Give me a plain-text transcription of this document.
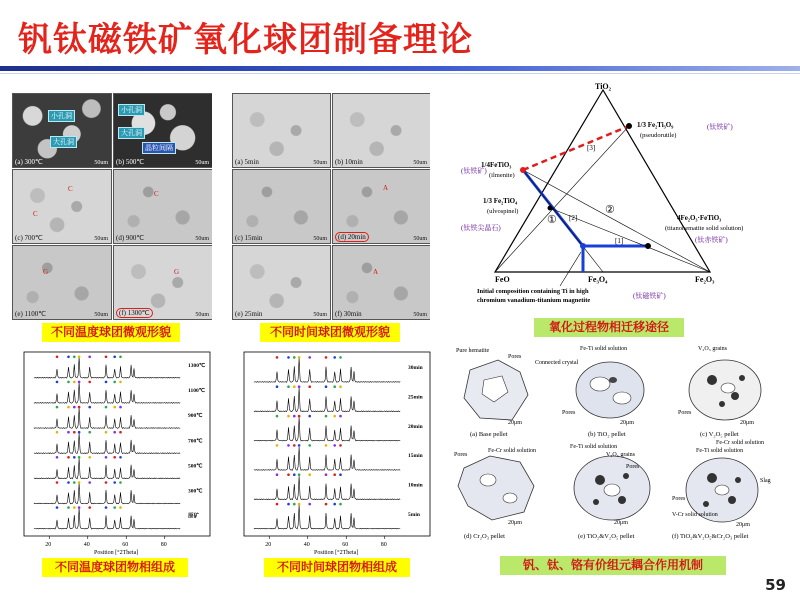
钒钛磁铁矿氧化球团制备理论
小孔洞
大孔洞
(a) 300℃	50um
小孔洞
大孔洞
晶粒间隔
(b) 500℃	50um
C
C
(c) 700℃	50um
C
(d) 900℃	50um
G
(e) 1100℃	50um
G
(f) 1300℃	50um
不同温度球团微观形貌
(a) 5min	50um (b) 10min	50um
(c) 15min	50um
A
(d) 20min	50um
(e) 25min	50um
A
(f) 30min	50um
不同时间球团微观形貌
TiO₂
FeO	Fe₃O₄	Fe₂O₃
[3]
[2]
[1]
①
②
1/3 Fe₂Ti₃O₉
(pseudorutile)
(钛铁矿)
1/4FeTiO₃
(ilmenite)
(钛铁矿)
1/3 Fe₂TiO₄
(ulvospinel)
(钛铁尖晶石)
4Fe₂O₃·FeTiO₃
(titanohematite solid solution)
(钛赤铁矿)
Initial composition containing Ti in high
chromium vanadium-titanium magnetite
(钛磁铁矿)
氧化过程物相迁移途径
1300℃
1100℃
900℃
700℃
500℃
300℃
原矿
20	40	60	80
Position [°2Theta]
不同温度球团物相组成
30min
25min
20min
15min
10min
5min
20	40	60	80
Position [°2Theta]
不同时间球团物相组成
Pure hematite
Pores
Connected crystal
20μm
(a) Base pellet
Fe-Ti solid solution
Pores
20μm
(b) TiO₂ pellet
V₂O₅ grains
Pores
20μm
(c) V₂O₅ pellet
Pores
Fe-Cr solid solution
20μm
(d) Cr₂O₃ pellet
Fe-Ti solid solution
V₂O₅ grains
Pores
20μm
(e) TiO₂&V₂O₅ pellet
Fe-Ti solid solution
Fe-Cr solid solution
Slag
V-Cr solid solution
Pores
20μm
(f) TiO₂&V₂O₅&Cr₂O₃ pellet
钒、钛、铬有价组元耦合作用机制
59
